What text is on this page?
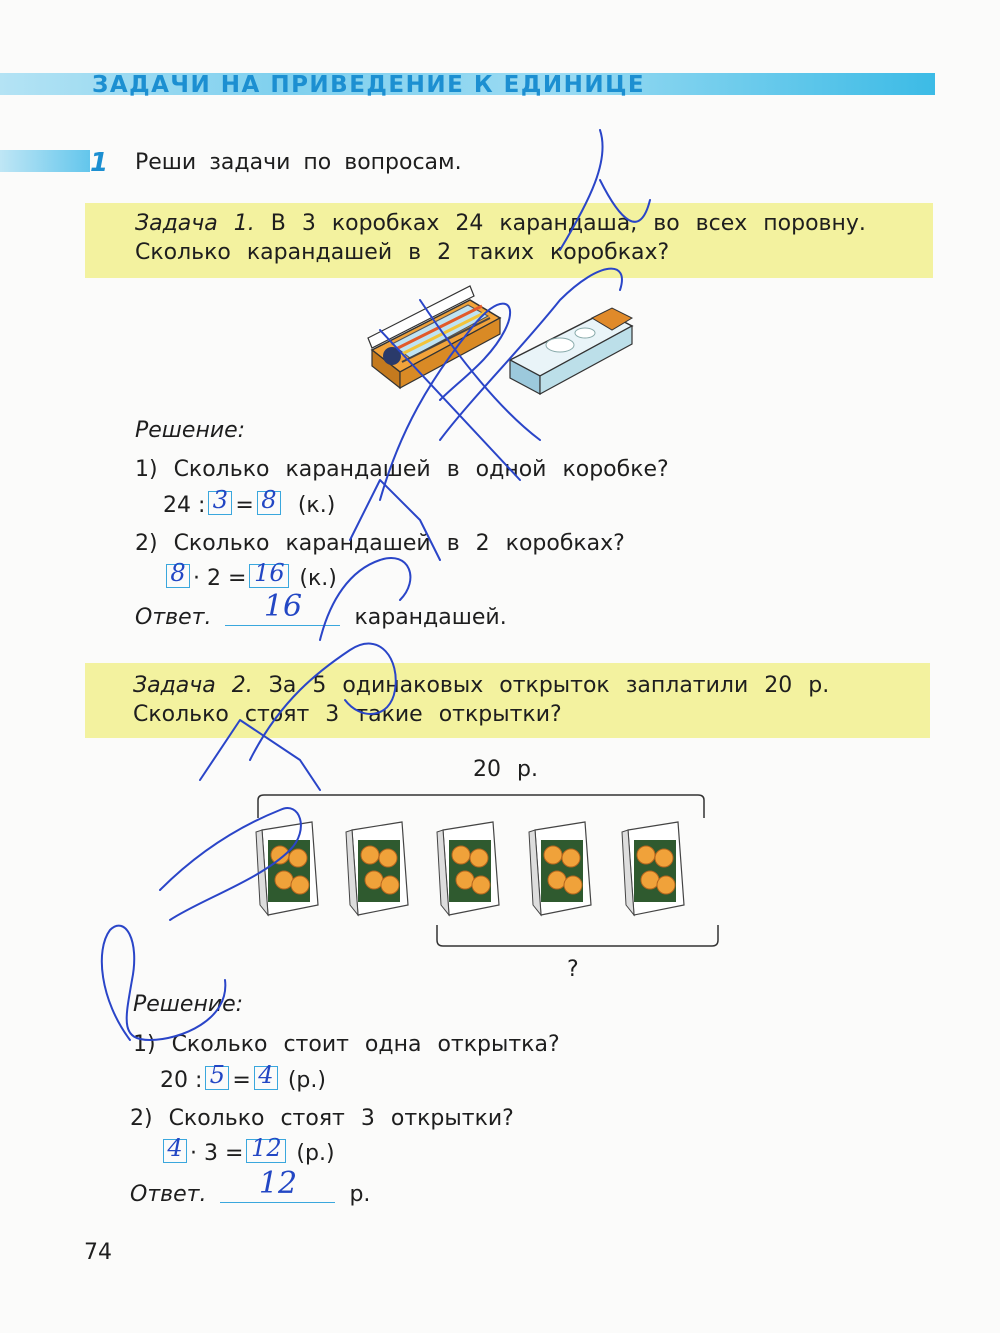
ЗАДАЧИ НА ПРИВЕДЕНИЕ К ЕДИНИЦЕ
1 Реши задачи по вопросам.
Задача 1. В 3 коробках 24 карандаша, во всех поровну.
Сколько карандашей в 2 таких коробках?
Решение:
1) Сколько карандашей в одной коробке?
24 : 3 = 8 (к.)
2) Сколько карандашей в 2 коробках?
8 · 2 = 16 (к.)
Ответ.	16	карандашей.
Задача 2. За 5 одинаковых открыток заплатили 20 р.
Сколько стоят 3 такие открытки?
20 р.
?
Решение:
1) Сколько стоит одна открытка?
20 : 5 = 4 (р.)
2) Сколько стоят 3 открытки?
4 · 3 = 12 (р.)
Ответ.	12	р.
74
